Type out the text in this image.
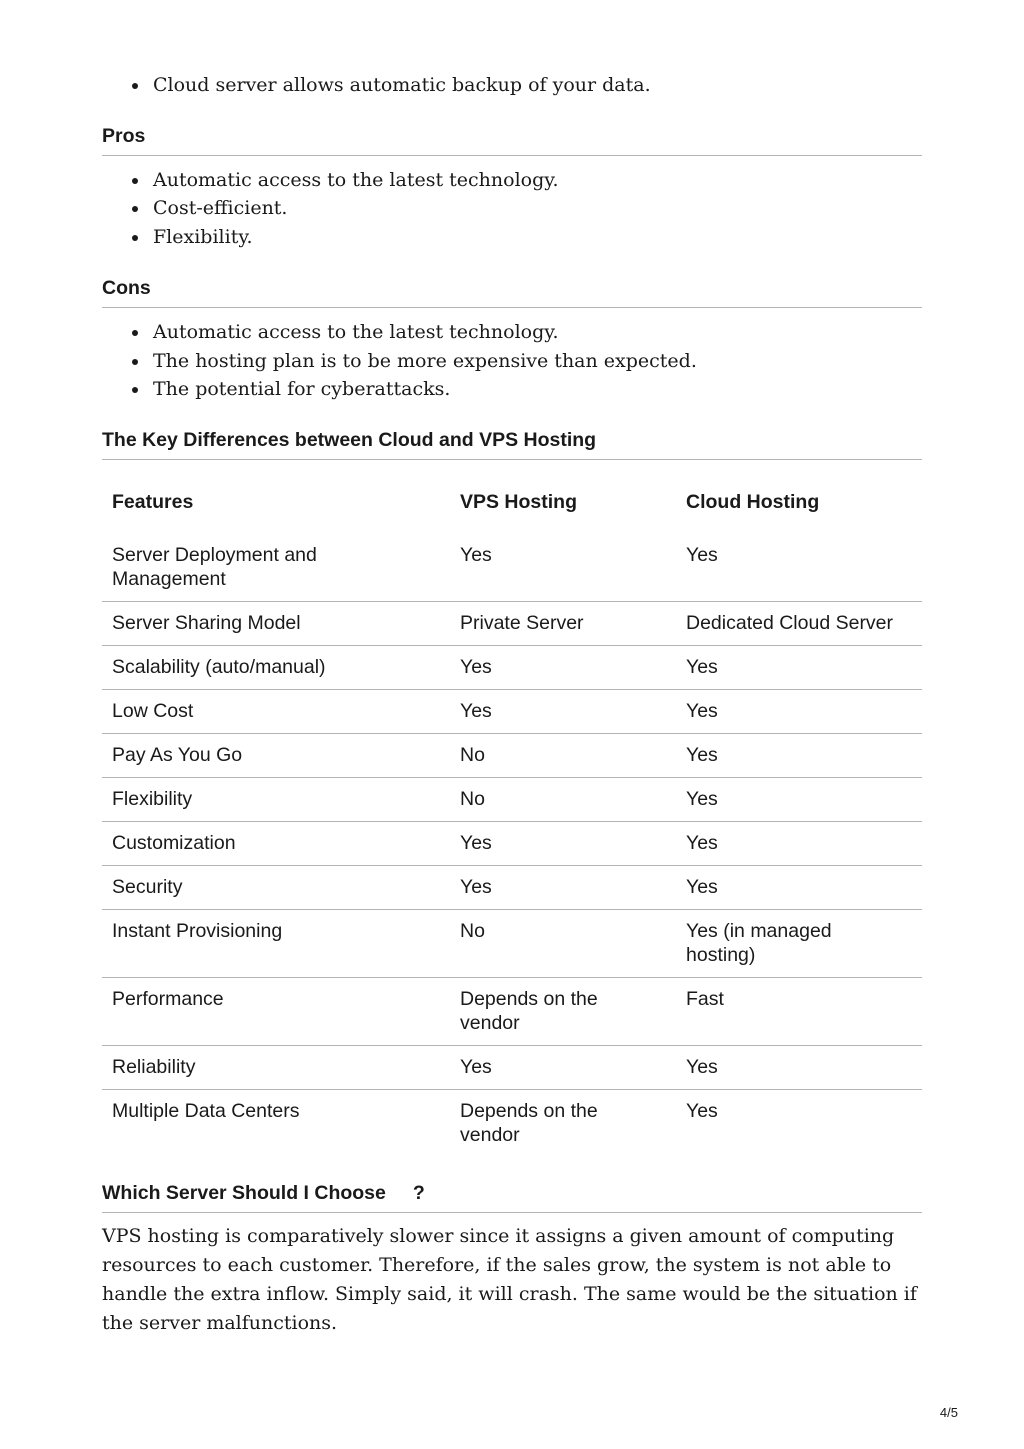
Cloud server allows automatic backup of your data.
Pros
Automatic access to the latest technology.
Cost-efficient.
Flexibility.
Cons
Automatic access to the latest technology.
The hosting plan is to be more expensive than expected.
The potential for cyberattacks.
The Key Differences between Cloud and VPS Hosting
Features	VPS Hosting	Cloud Hosting
Server Deployment and Management	Yes	Yes
Server Sharing Model	Private Server	Dedicated Cloud Server
Scalability (auto/manual)	Yes	Yes
Low Cost	Yes	Yes
Pay As You Go	No	Yes
Flexibility	No	Yes
Customization	Yes	Yes
Security	Yes	Yes
Instant Provisioning	No	Yes (in managed hosting)
Performance	Depends on the vendor	Fast
Reliability	Yes	Yes
Multiple Data Centers	Depends on the vendor	Yes
Which Server Should I Choose ?

VPS hosting is comparatively slower since it assigns a given amount of computing resources to each customer. Therefore, if the sales grow, the system is not able to handle the extra inflow. Simply said, it will crash. The same would be the situation if the server malfunctions.

4/5
